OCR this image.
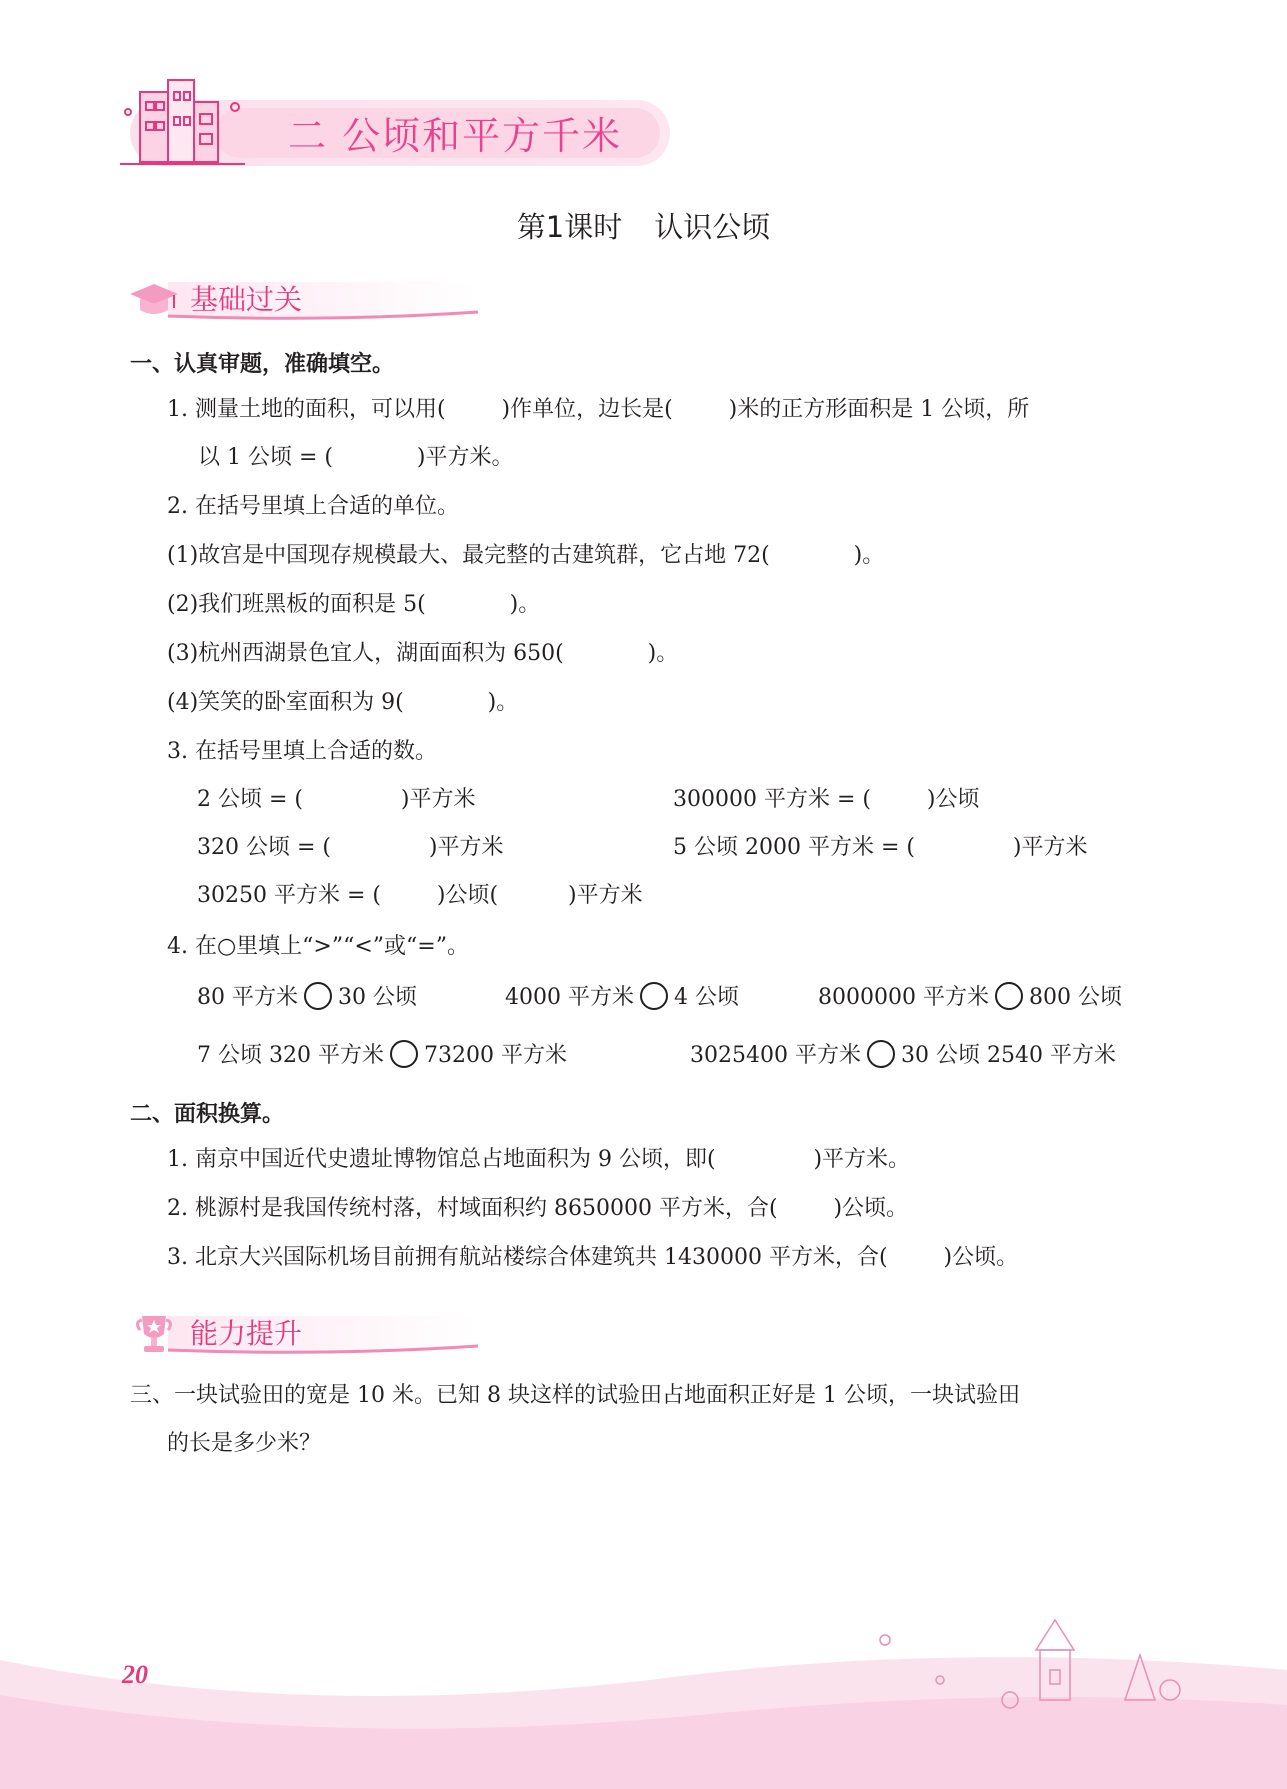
二 公顷和平方千米
第1课时 认识公顷
基础过关
一、认真审题，准确填空。
1. 测量土地的面积，可以用(        )作单位，边长是(        )米的正方形面积是 1 公顷，所
以 1 公顷 = (            )平方米。
2. 在括号里填上合适的单位。
(1)故宫是中国现存规模最大、最完整的古建筑群，它占地 72(            )。
(2)我们班黑板的面积是 5(            )。
(3)杭州西湖景色宜人，湖面面积为 650(            )。
(4)笑笑的卧室面积为 9(            )。
3. 在括号里填上合适的数。
2 公顷 = (              )平方米	300000 平方米 = (        )公顷
320 公顷 = (              )平方米	5 公顷 2000 平方米 = (              )平方米
30250 平方米 = (        )公顷(          )平方米
4. 在○里填上“>”“<”或“=”。
80 平方米 30 公顷	4000 平方米 4 公顷	8000000 平方米 800 公顷
7 公顷 320 平方米 73200 平方米	3025400 平方米 30 公顷 2540 平方米
二、面积换算。
1. 南京中国近代史遗址博物馆总占地面积为 9 公顷，即(              )平方米。
2. 桃源村是我国传统村落，村域面积约 8650000 平方米，合(        )公顷。
3. 北京大兴国际机场目前拥有航站楼综合体建筑共 1430000 平方米，合(        )公顷。
能力提升
三、一块试验田的宽是 10 米。已知 8 块这样的试验田占地面积正好是 1 公顷，一块试验田
的长是多少米？
20
